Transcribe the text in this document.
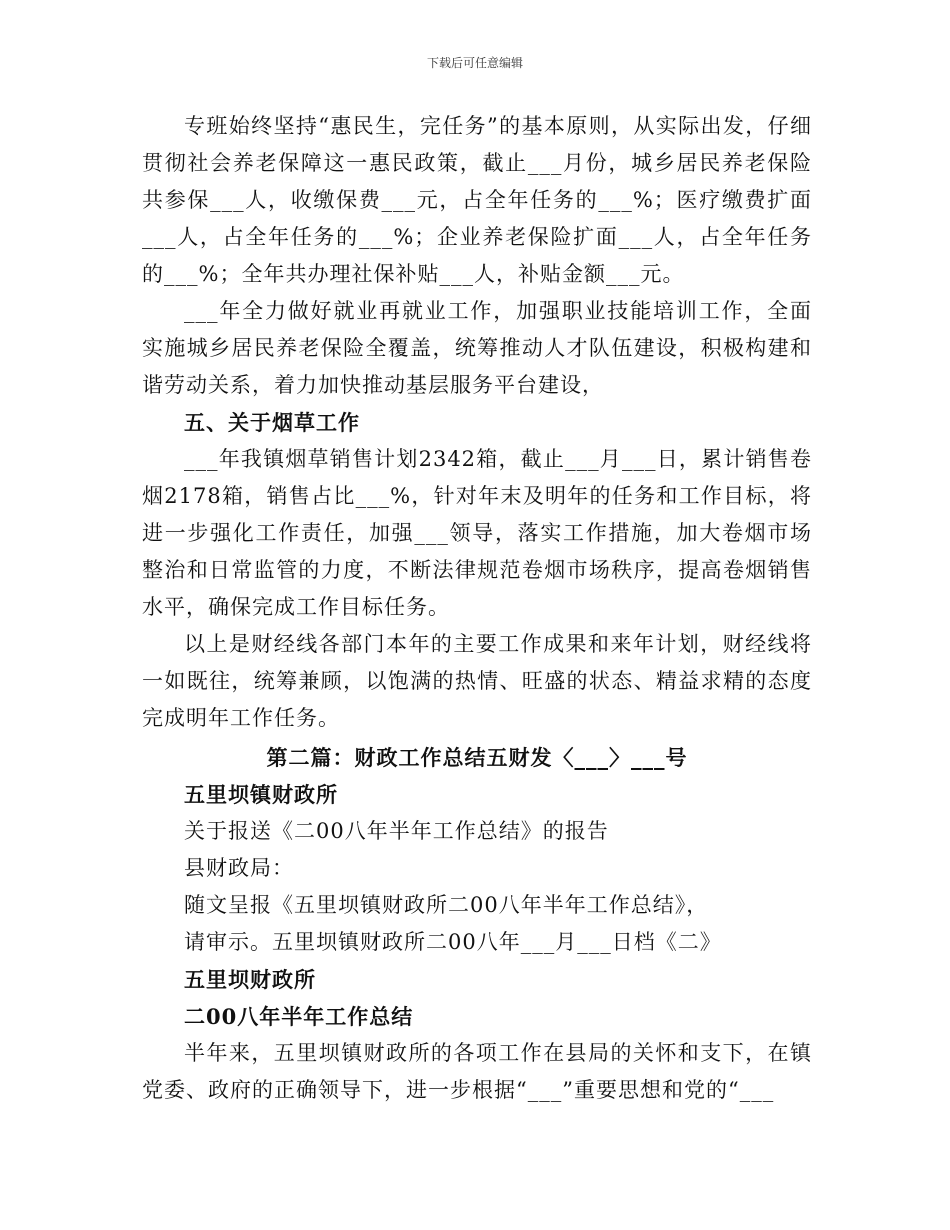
下载后可任意编辑

专班始终坚持“惠民生，完任务”的基本原则，从实际出发，仔细贯彻社会养老保障这一惠民政策，截止___月份，城乡居民养老保险共参保___人，收缴保费___元，占全年任务的___%；医疗缴费扩面___人，占全年任务的___%；企业养老保险扩面___人，占全年任务的___%；全年共办理社保补贴___人，补贴金额___元。

___年全力做好就业再就业工作，加强职业技能培训工作，全面实施城乡居民养老保险全覆盖，统筹推动人才队伍建设，积极构建和谐劳动关系，着力加快推动基层服务平台建设，

五、关于烟草工作

___年我镇烟草销售计划2342箱，截止___月___日，累计销售卷烟2178箱，销售占比___%，针对年末及明年的任务和工作目标，将进一步强化工作责任，加强___领导，落实工作措施，加大卷烟市场整治和日常监管的力度，不断法律规范卷烟市场秩序，提高卷烟销售水平，确保完成工作目标任务。

以上是财经线各部门本年的主要工作成果和来年计划，财经线将一如既往，统筹兼顾，以饱满的热情、旺盛的状态、精益求精的态度完成明年工作任务。

第二篇：财政工作总结五财发〈___〉___号
五里坝镇财政所
关于报送《二00八年半年工作总结》的报告
县财政局：
随文呈报《五里坝镇财政所二00八年半年工作总结》，
请审示。五里坝镇财政所二00八年___月___日档《二》
五里坝财政所
二00八年半年工作总结

半年来，五里坝镇财政所的各项工作在县局的关怀和支下，在镇党委、政府的正确领导下，进一步根据“___”重要思想和党的“___
